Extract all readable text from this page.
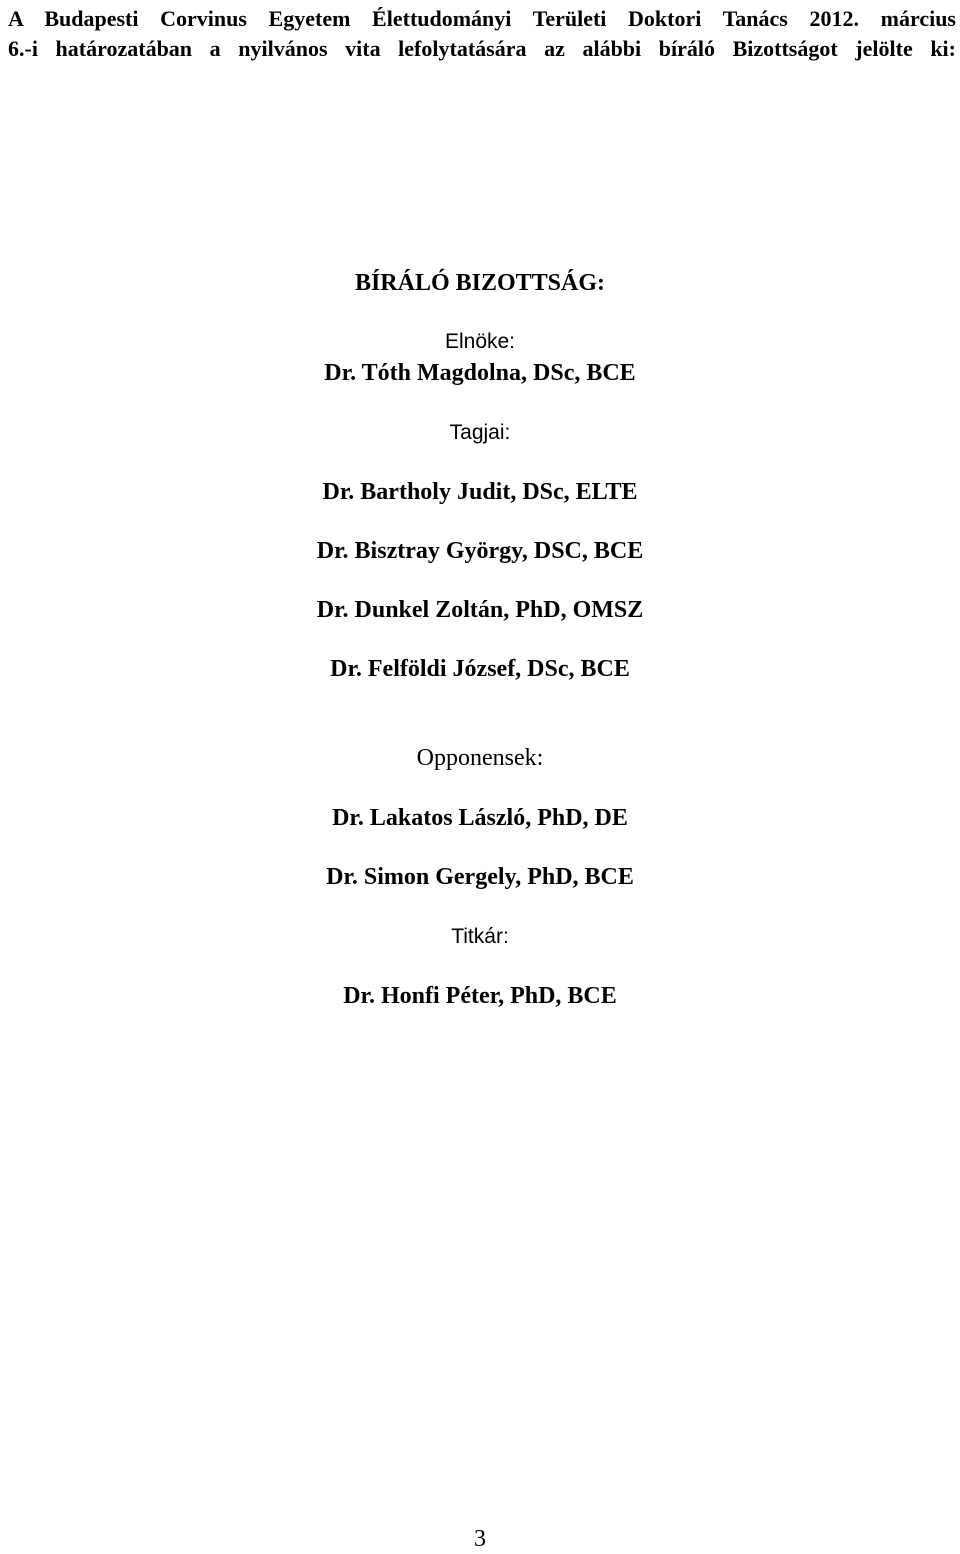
A Budapesti Corvinus Egyetem Élettudományi Területi Doktori Tanács 2012. március
6.-i határozatában a nyilvános vita lefolytatására az alábbi bíráló Bizottságot jelölte ki:
BÍRÁLÓ BIZOTTSÁG:
Elnöke:
Dr. Tóth Magdolna, DSc, BCE
Tagjai:
Dr. Bartholy Judit, DSc, ELTE
Dr. Bisztray György, DSC, BCE
Dr. Dunkel Zoltán, PhD, OMSZ
Dr. Felföldi József, DSc, BCE
Opponensek:
Dr. Lakatos László, PhD, DE
Dr. Simon Gergely, PhD, BCE
Titkár:
Dr. Honfi Péter, PhD, BCE
3
